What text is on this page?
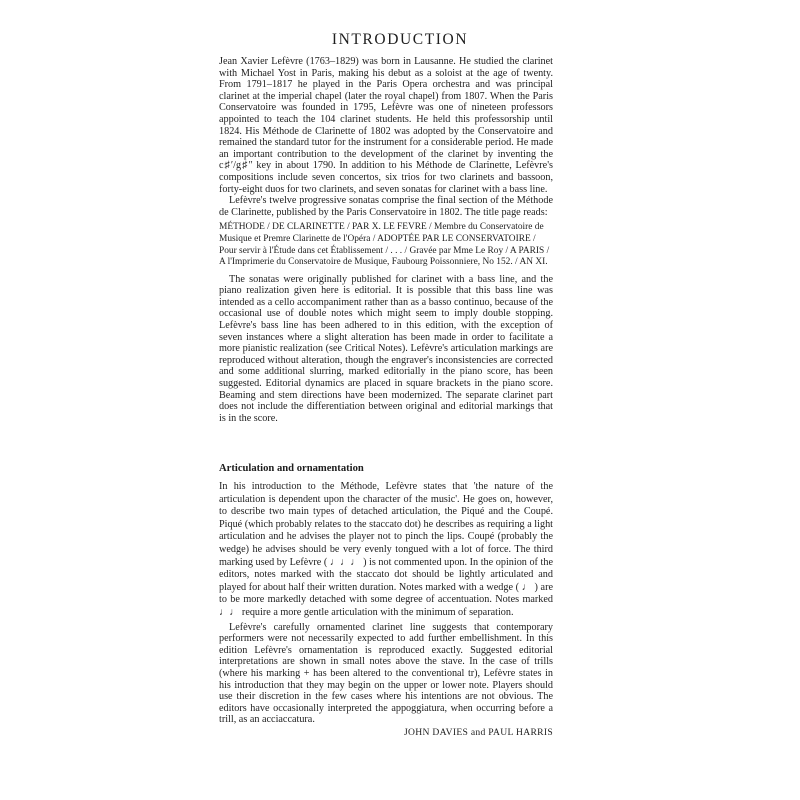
INTRODUCTION

Jean Xavier Lefèvre (1763–1829) was born in Lausanne. He studied the clarinet with Michael Yost in Paris, making his debut as a soloist at the age of twenty. From 1791–1817 he played in the Paris Opera orchestra and was principal clarinet at the imperial chapel (later the royal chapel) from 1807. When the Paris Conservatoire was founded in 1795, Lefèvre was one of nineteen professors appointed to teach the 104 clarinet students. He held this professorship until 1824. His Méthode de Clarinette of 1802 was adopted by the Conservatoire and remained the standard tutor for the instrument for a considerable period. He made an important contribution to the development of the clarinet by inventing the c♯′/g♯″ key in about 1790. In addition to his Méthode de Clarinette, Lefèvre's compositions include seven concertos, six trios for two clarinets and bassoon, forty-eight duos for two clarinets, and seven sonatas for clarinet with a bass line.

Lefèvre's twelve progressive sonatas comprise the final section of the Méthode de Clarinette, published by the Paris Conservatoire in 1802. The title page reads:

MÉTHODE / DE CLARINETTE / PAR X. LE FEVRE / Membre du Conservatoire de Musique et Premre Clarinette de l'Opéra / ADOPTÉE PAR LE CONSERVATOIRE / Pour servir à l'Étude dans cet Établissement / . . . / Gravée par Mme Le Roy / A PARIS / A l'Imprimerie du Conservatoire de Musique, Faubourg Poissonniere, No 152. / AN XI.

The sonatas were originally published for clarinet with a bass line, and the piano realization given here is editorial. It is possible that this bass line was intended as a cello accompaniment rather than as a basso continuo, because of the occasional use of double notes which might seem to imply double stopping. Lefèvre's bass line has been adhered to in this edition, with the exception of seven instances where a slight alteration has been made in order to facilitate a more pianistic realization (see Critical Notes). Lefèvre's articulation markings are reproduced without alteration, though the engraver's inconsistencies are corrected and some additional slurring, marked editorially in the piano score, has been suggested. Editorial dynamics are placed in square brackets in the piano score. Beaming and stem directions have been modernized. The separate clarinet part does not include the differentiation between original and editorial markings that is in the score.

Articulation and ornamentation

In his introduction to the Méthode, Lefèvre states that 'the nature of the articulation is dependent upon the character of the music'. He goes on, however, to describe two main types of detached articulation, the Piqué and the Coupé. Piqué (which probably relates to the staccato dot) he describes as requiring a light articulation and he advises the player not to pinch the lips. Coupé (probably the wedge) he advises should be very evenly tongued with a lot of force. The third marking used by Lefèvre ( ♩♩♩ ) is not commented upon. In the opinion of the editors, notes marked with the staccato dot should be lightly articulated and played for about half their written duration. Notes marked with a wedge ( ♩ ) are to be more markedly detached with some degree of accentuation. Notes marked ♩♩ require a more gentle articulation with the minimum of separation.

Lefèvre's carefully ornamented clarinet line suggests that contemporary performers were not necessarily expected to add further embellishment. In this edition Lefèvre's ornamentation is reproduced exactly. Suggested editorial interpretations are shown in small notes above the stave. In the case of trills (where his marking + has been altered to the conventional tr), Lefèvre states in his introduction that they may begin on the upper or lower note. Players should use their discretion in the few cases where his intentions are not obvious. The editors have occasionally interpreted the appoggiatura, when occurring before a trill, as an acciaccatura.

JOHN DAVIES and PAUL HARRIS
